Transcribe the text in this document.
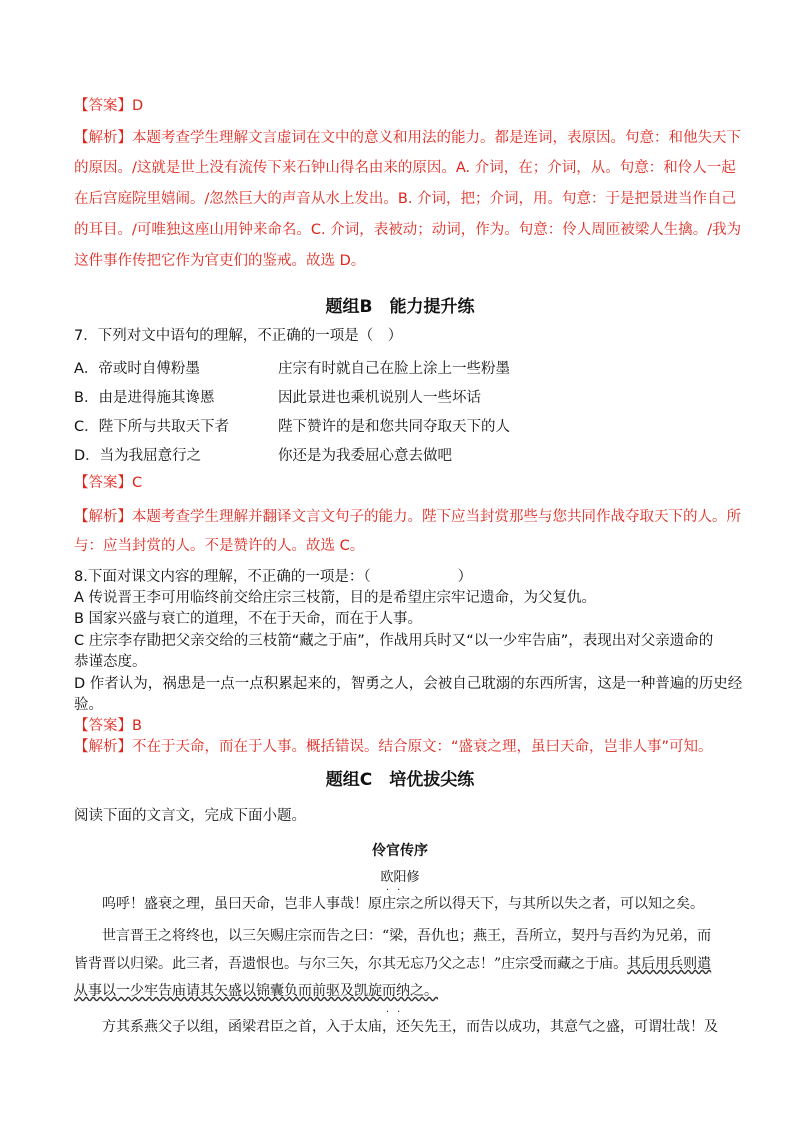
【答案】D
【解析】本题考查学生理解文言虚词在文中的意义和用法的能力。都是连词，表原因。句意：和他失天下
的原因。/这就是世上没有流传下来石钟山得名由来的原因。A. 介词，在；介词，从。句意：和伶人一起
在后宫庭院里嬉闹。/忽然巨大的声音从水上发出。B. 介词，把；介词，用。句意：于是把景进当作自己
的耳目。/可唯独这座山用钟来命名。C. 介词，表被动；动词，作为。句意：伶人周匝被梁人生擒。/我为
这件事作传把它作为官吏们的鉴戒。故选 D。
题组B　能力提升练
7．下列对文中语句的理解，不正确的一项是（　）
A．帝或时自傅粉墨	庄宗有时就自己在脸上涂上一些粉墨
B．由是进得施其谗慝	因此景进也乘机说别人一些坏话
C．陛下所与共取天下者	陛下赞许的是和您共同夺取天下的人
D．当为我屈意行之	你还是为我委屈心意去做吧
【答案】C
【解析】本题考查学生理解并翻译文言文句子的能力。陛下应当封赏那些与您共同作战夺取天下的人。所
与：应当封赏的人。不是赞许的人。故选 C。
8.下面对课文内容的理解，不正确的一项是：（　　　　　　）
A 传说晋王李可用临终前交给庄宗三枝箭，目的是希望庄宗牢记遗命，为父复仇。
B 国家兴盛与衰亡的道理，不在于天命，而在于人事。
C 庄宗李存勖把父亲交给的三枝箭“藏之于庙”，作战用兵时又“以一少牢告庙”，表现出对父亲遗命的
恭谨态度。
D 作者认为，祸患是一点一点积累起来的，智勇之人，会被自己耽溺的东西所害，这是一种普遍的历史经
验。
【答案】B
【解析】不在于天命，而在于人事。概括错误。结合原文：“盛衰之理，虽曰天命，岂非人事”可知。
题组C　培优拔尖练
阅读下面的文言文，完成下面小题。
伶官传序
欧阳修
··
　　呜呼！盛衰之理，虽曰天命，岂非人事哉！原庄宗之所以得天下，与其所以失之者，可以知之矣。
　　世言晋王之将终也，以三矢赐庄宗而告之曰：“梁，吾仇也；燕王，吾所立，契丹与吾约为兄弟，而
皆背晋以归梁。此三者，吾遗恨也。与尔三矢，尔其无忘乃父之志！”庄宗受而藏之于庙。其后用兵则遣
从事以一少牢告庙请其矢盛以锦囊负而前驱及凯旋而纳之。
··
　　方其系燕父子以组，函梁君臣之首，入于太庙，还矢先王，而告以成功，其意气之盛，可谓壮哉！及
